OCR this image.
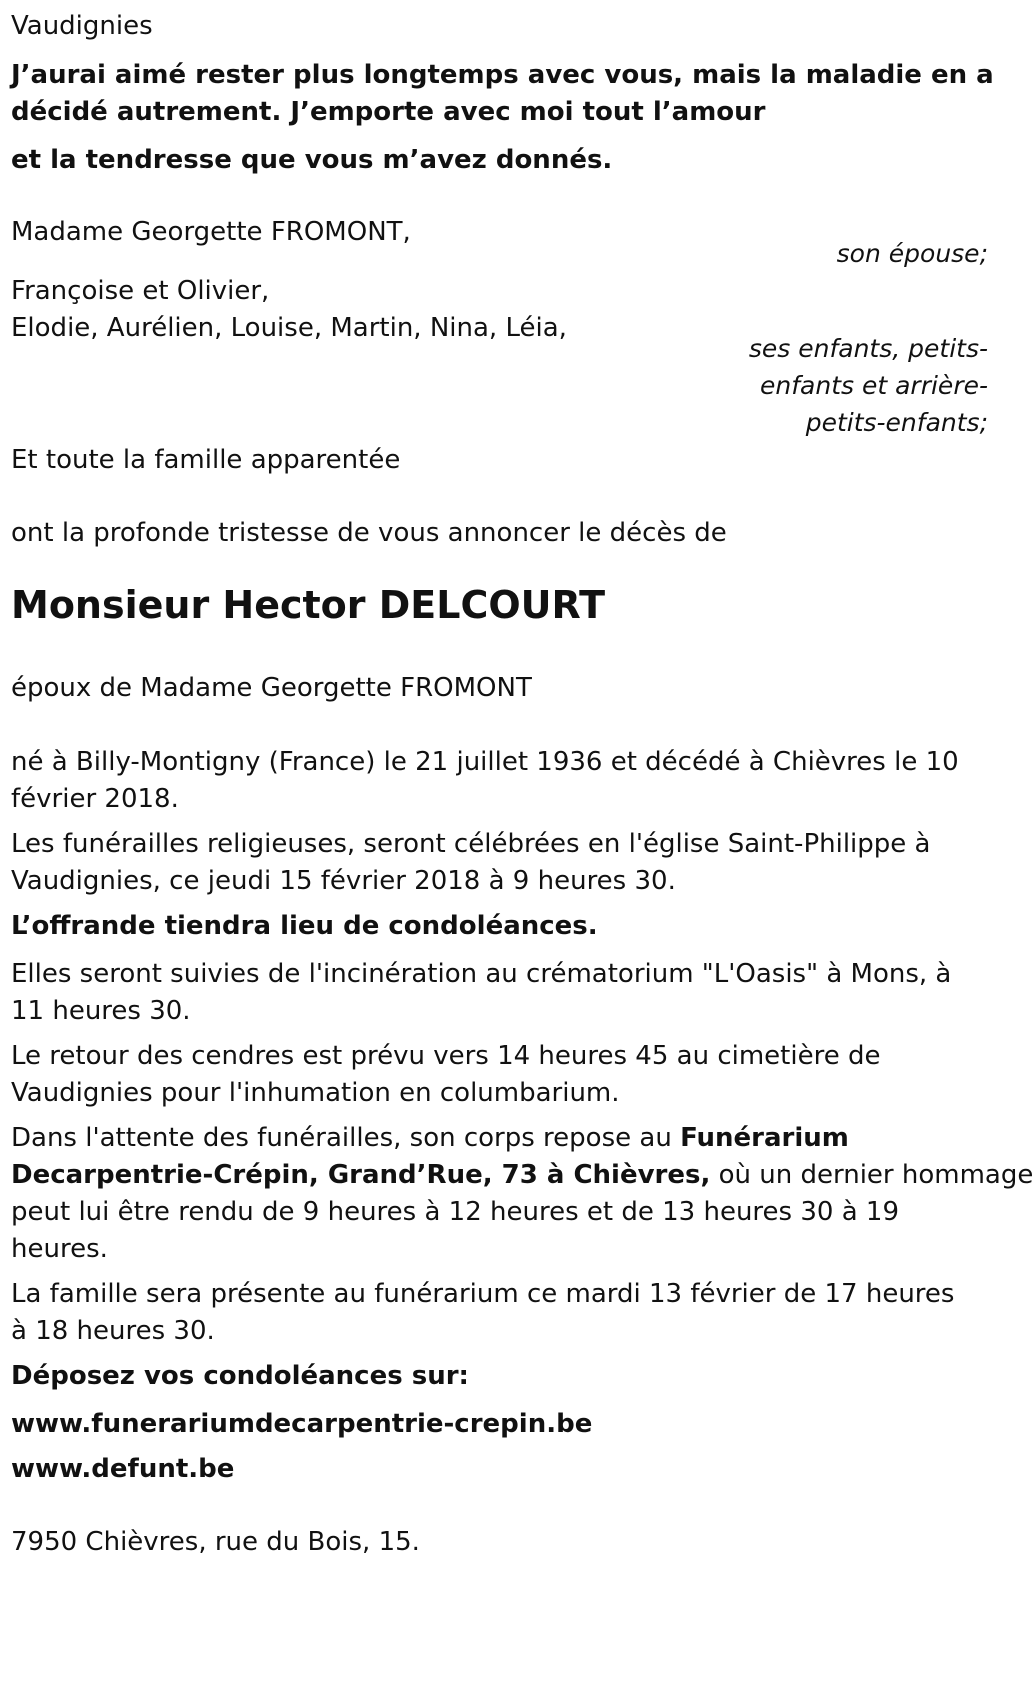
Vaudignies
J’aurai aimé rester plus longtemps avec vous, mais la maladie en a
décidé autrement. J’emporte avec moi tout l’amour
et la tendresse que vous m’avez donnés.
Madame Georgette FROMONT,
son épouse;
Françoise et Olivier,
Elodie, Aurélien, Louise, Martin, Nina, Léia,
ses enfants, petits-
enfants et arrière-
petits-enfants;
Et toute la famille apparentée
ont la profonde tristesse de vous annoncer le décès de
Monsieur Hector DELCOURT
époux de Madame Georgette FROMONT
né à Billy-Montigny (France) le 21 juillet 1936 et décédé à Chièvres le 10
février 2018.
Les funérailles religieuses, seront célébrées en l'église Saint-Philippe à
Vaudignies, ce jeudi 15 février 2018 à 9 heures 30.
L’offrande tiendra lieu de condoléances.
Elles seront suivies de l'incinération au crématorium "L'Oasis" à Mons, à
11 heures 30.
Le retour des cendres est prévu vers 14 heures 45 au cimetière de
Vaudignies pour l'inhumation en columbarium.
Dans l'attente des funérailles, son corps repose au Funérarium
Decarpentrie-Crépin, Grand’Rue, 73 à Chièvres, où un dernier hommage
peut lui être rendu de 9 heures à 12 heures et de 13 heures 30 à 19
heures.
La famille sera présente au funérarium ce mardi 13 février de 17 heures
à 18 heures 30.
Déposez vos condoléances sur:
www.funerariumdecarpentrie-crepin.be
www.defunt.be
7950 Chièvres, rue du Bois, 15.
